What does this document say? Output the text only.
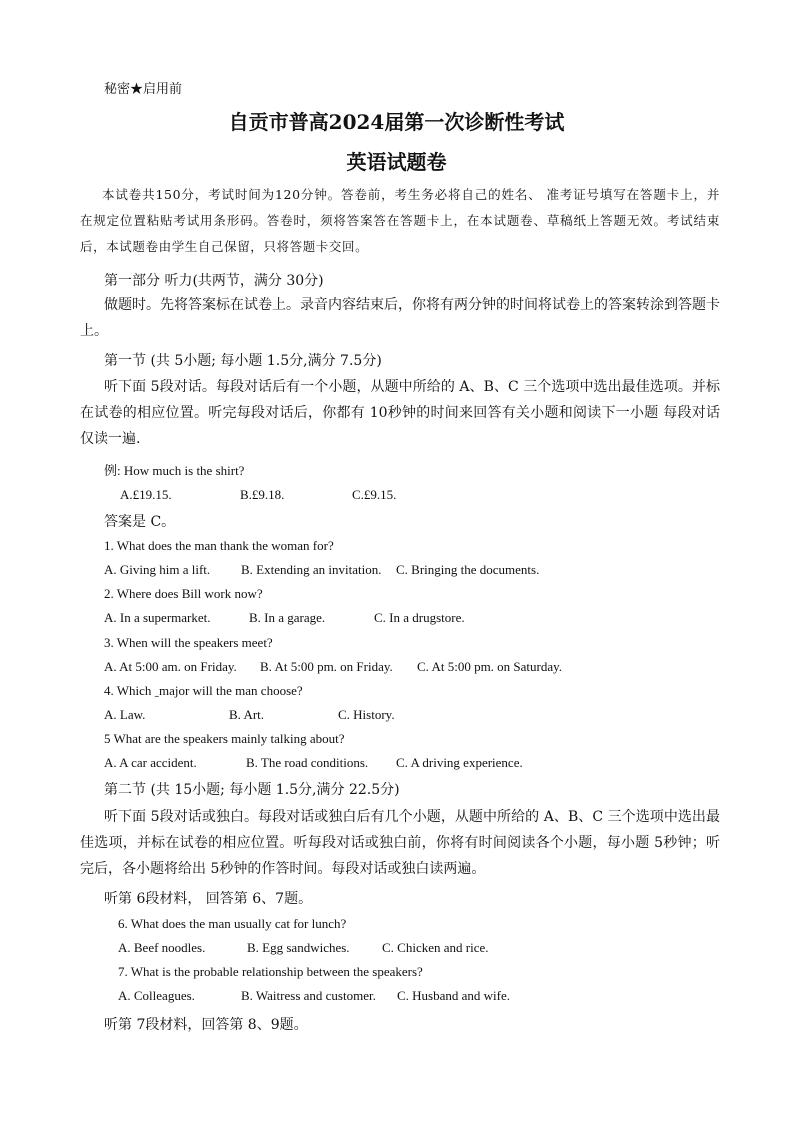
秘密★启用前
自贡市普高2024届第一次诊断性考试
英语试题卷
本试卷共150分，考试时间为120分钟。答卷前，考生务必将自己的姓名、 准考证号填写在答题卡上，并在规定位置粘贴考试用条形码。答卷时，须将答案答在答题卡上，在本试题卷、草稿纸上答题无效。考试结束后，本试题卷由学生自己保留，只将答题卡交回。
第一部分 听力(共两节，满分 30分)
做题时。先将答案标在试卷上。录音内容结束后，你将有两分钟的时间将试卷上的答案转涂到答题卡上。
第一节 (共 5小题; 每小题 1.5分,满分 7.5分)
听下面 5段对话。每段对话后有一个小题，从题中所给的 A、B、C 三个选项中选出最佳选项。并标在试卷的相应位置。听完每段对话后，你都有 10秒钟的时间来回答有关小题和阅读下一小题 每段对话仅读一遍.
例: How much is the shirt?
A.£19.15.	B.£9.18.	C.£9.15.
答案是 C。
1. What does the man thank the woman for?
A. Giving him a lift. B. Extending an invitation. C. Bringing the documents.
2. Where does Bill work now?
A. In a supermarket.	B. In a garage.	C. In a drugstore.
3. When will the speakers meet?
A. At 5:00 am. on Friday. B. At 5:00 pm. on Friday. C. At 5:00 pm. on Saturday.
4. Which ˍmajor will the man choose?
A. Law.	B. Art.	C. History.
5 What are the speakers mainly talking about?
A. A car accident.	B. The road conditions. C. A driving experience.
第二节 (共 15小题; 每小题 1.5分,满分 22.5分)
听下面 5段对话或独白。每段对话或独白后有几个小题，从题中所给的 A、B、C 三个选项中选出最佳选项，并标在试卷的相应位置。听每段对话或独白前，你将有时间阅读各个小题，每小题 5秒钟；听完后，各小题将给出 5秒钟的作答时间。每段对话或独白读两遍。
听第 6段材料， 回答第 6、7题。
6. What does the man usually cat for lunch?
A. Beef noodles.	B. Egg sandwiches. C. Chicken and rice.
7. What is the probable relationship between the speakers?
A. Colleagues.	B. Waitress and customer. C. Husband and wife.
听第 7段材料，回答第 8、9题。
